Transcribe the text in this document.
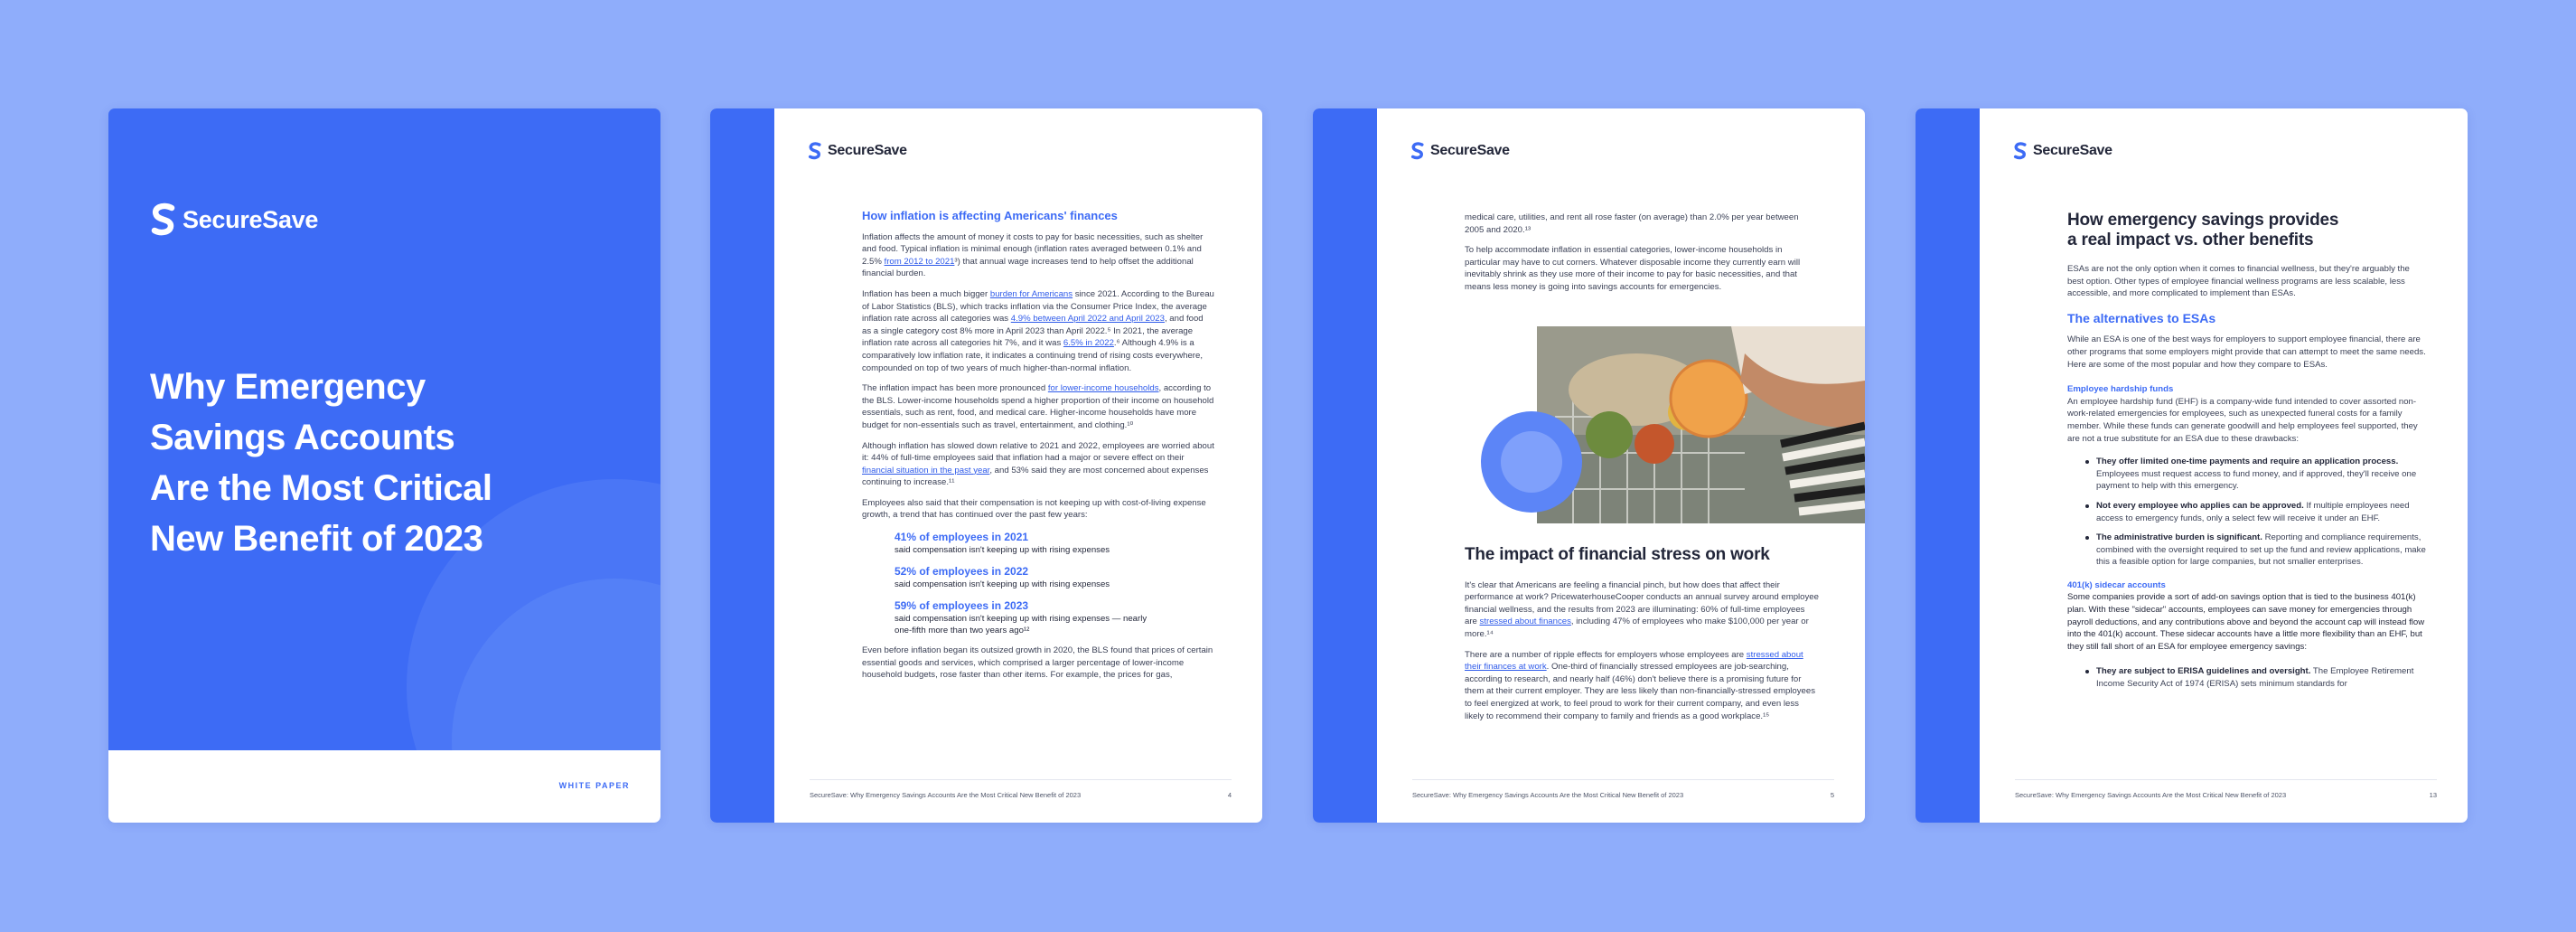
SecureSave
Why Emergency
Savings Accounts
Are the Most Critical
New Benefit of 2023
WHITE PAPER
SecureSave
How inflation is affecting Americans' finances

Inflation affects the amount of money it costs to pay for basic necessities, such as shelter and food. Typical inflation is minimal enough (inflation rates averaged between 0.1% and 2.5% from 2012 to 2021³) that annual wage increases tend to help offset the additional financial burden.

Inflation has been a much bigger burden for Americans since 2021. According to the Bureau of Labor Statistics (BLS), which tracks inflation via the Consumer Price Index, the average inflation rate across all categories was 4.9% between April 2022 and April 2023, and food as a single category cost 8% more in April 2023 than April 2022.⁵ In 2021, the average inflation rate across all categories hit 7%, and it was 6.5% in 2022.⁶ Although 4.9% is a comparatively low inflation rate, it indicates a continuing trend of rising costs everywhere, compounded on top of two years of much higher-than-normal inflation.

The inflation impact has been more pronounced for lower-income households, according to the BLS. Lower-income households spend a higher proportion of their income on household essentials, such as rent, food, and medical care. Higher-income households have more budget for non-essentials such as travel, entertainment, and clothing.¹⁰

Although inflation has slowed down relative to 2021 and 2022, employees are worried about it: 44% of full-time employees said that inflation had a major or severe effect on their financial situation in the past year, and 53% said they are most concerned about expenses continuing to increase.¹¹

Employees also said that their compensation is not keeping up with cost-of-living expense growth, a trend that has continued over the past few years:

41% of employees in 2021
said compensation isn't keeping up with rising expenses
52% of employees in 2022
said compensation isn't keeping up with rising expenses
59% of employees in 2023
said compensation isn't keeping up with rising expenses — nearly one-fifth more than two years ago¹²

Even before inflation began its outsized growth in 2020, the BLS found that prices of certain essential goods and services, which comprised a larger percentage of lower-income household budgets, rose faster than other items. For example, the prices for gas,

SecureSave: Why Emergency Savings Accounts Are the Most Critical New Benefit of 2023	4
SecureSave

medical care, utilities, and rent all rose faster (on average) than 2.0% per year between 2005 and 2020.¹³

To help accommodate inflation in essential categories, lower-income households in particular may have to cut corners. Whatever disposable income they currently earn will inevitably shrink as they use more of their income to pay for basic necessities, and that means less money is going into savings accounts for emergencies.

The impact of financial stress on work

It's clear that Americans are feeling a financial pinch, but how does that affect their performance at work? PricewaterhouseCooper conducts an annual survey around employee financial wellness, and the results from 2023 are illuminating: 60% of full-time employees are stressed about finances, including 47% of employees who make $100,000 per year or more.¹⁴

There are a number of ripple effects for employers whose employees are stressed about their finances at work. One-third of financially stressed employees are job-searching, according to research, and nearly half (46%) don't believe there is a promising future for them at their current employer. They are less likely than non-financially-stressed employees to feel energized at work, to feel proud to work for their current company, and even less likely to recommend their company to family and friends as a good workplace.¹⁵

SecureSave: Why Emergency Savings Accounts Are the Most Critical New Benefit of 2023	5
SecureSave
How emergency savings provides
a real impact vs. other benefits

ESAs are not the only option when it comes to financial wellness, but they're arguably the best option. Other types of employee financial wellness programs are less scalable, less accessible, and more complicated to implement than ESAs.

The alternatives to ESAs

While an ESA is one of the best ways for employers to support employee financial, there are other programs that some employers might provide that can attempt to meet the same needs. Here are some of the most popular and how they compare to ESAs.

Employee hardship funds

An employee hardship fund (EHF) is a company-wide fund intended to cover assorted non-work-related emergencies for employees, such as unexpected funeral costs for a family member. While these funds can generate goodwill and help employees feel supported, they are not a true substitute for an ESA due to these drawbacks:

They offer limited one-time payments and require an application process. Employees must request access to fund money, and if approved, they'll receive one payment to help with this emergency.
Not every employee who applies can be approved. If multiple employees need access to emergency funds, only a select few will receive it under an EHF.
The administrative burden is significant. Reporting and compliance requirements, combined with the oversight required to set up the fund and review applications, make this a feasible option for large companies, but not smaller enterprises.
401(k) sidecar accounts

Some companies provide a sort of add-on savings option that is tied to the business 401(k) plan. With these "sidecar" accounts, employees can save money for emergencies through payroll deductions, and any contributions above and beyond the account cap will instead flow into the 401(k) account. These sidecar accounts have a little more flexibility than an EHF, but they still fall short of an ESA for employee emergency savings:

They are subject to ERISA guidelines and oversight. The Employee Retirement Income Security Act of 1974 (ERISA) sets minimum standards for
SecureSave: Why Emergency Savings Accounts Are the Most Critical New Benefit of 2023	13
